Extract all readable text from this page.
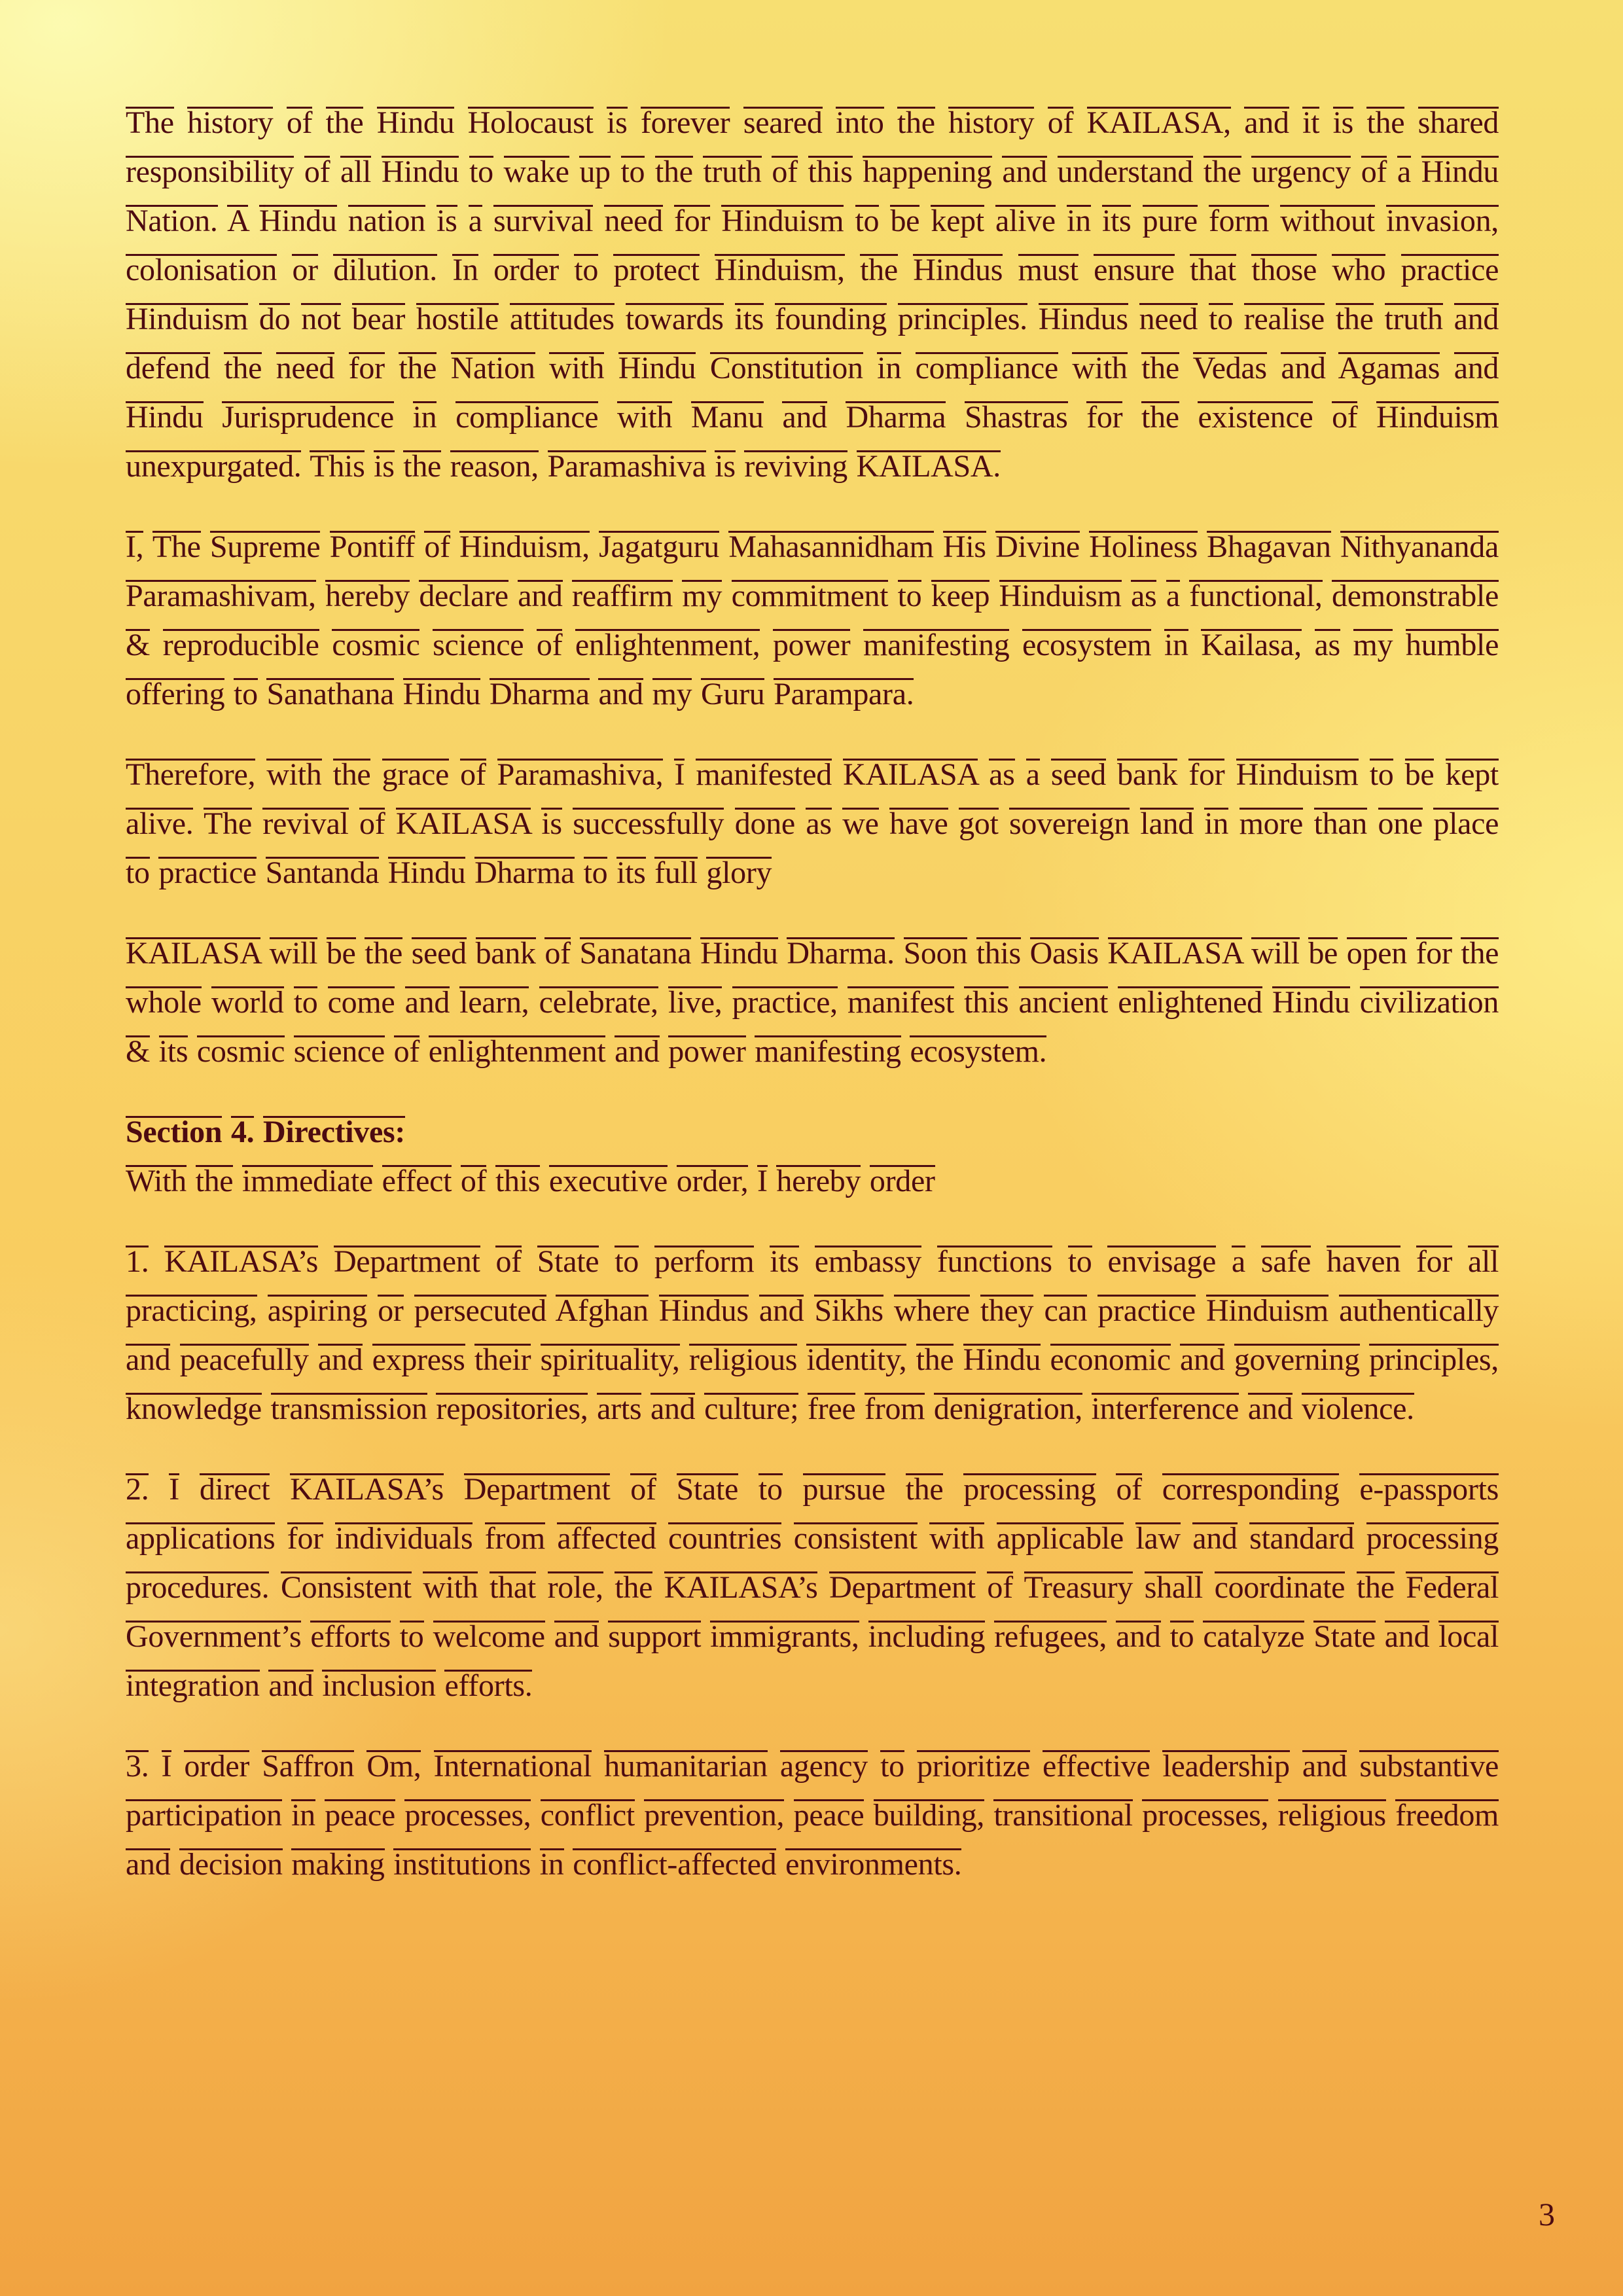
The history of the Hindu Holocaust is forever seared into the history of KAILASA, and it is the shared responsibility of all Hindu to wake up to the truth of this happening and understand the urgency of a Hindu Nation. A Hindu nation is a survival need for Hinduism to be kept alive in its pure form without invasion, colonisation or dilution. In order to protect Hinduism, the Hindus must ensure that those who practice Hinduism do not bear hostile attitudes towards its founding principles. Hindus need to realise the truth and defend the need for the Nation with Hindu Constitution in compliance with the Vedas and Agamas and Hindu Jurisprudence in compliance with Manu and Dharma Shastras for the existence of Hinduism unexpurgated. This is the reason, Paramashiva is reviving KAILASA.

I, The Supreme Pontiff of Hinduism, Jagatguru Mahasannidham His Divine Holiness Bhagavan Nithyananda Paramashivam, hereby declare and reaffirm my commitment to keep Hinduism as a functional, demonstrable & reproducible cosmic science of enlightenment, power manifesting ecosystem in Kailasa, as my humble offering to Sanathana Hindu Dharma and my Guru Parampara.

Therefore, with the grace of Paramashiva, I manifested KAILASA as a seed bank for Hinduism to be kept alive. The revival of KAILASA is successfully done as we have got sovereign land in more than one place to practice Santanda Hindu Dharma to its full glory

KAILASA will be the seed bank of Sanatana Hindu Dharma. Soon this Oasis KAILASA will be open for the whole world to come and learn, celebrate, live, practice, manifest this ancient enlightened Hindu civilization & its cosmic science of enlightenment and power manifesting ecosystem.

Section 4. Directives:

With the immediate effect of this executive order, I hereby order

1. KAILASA’s Department of State to perform its embassy functions to envisage a safe haven for all practicing, aspiring or persecuted Afghan Hindus and Sikhs where they can practice Hinduism authentically and peacefully and express their spirituality, religious identity, the Hindu economic and governing principles, knowledge transmission repositories, arts and culture; free from denigration, interference and violence.

2. I direct KAILASA’s Department of State to pursue the processing of corresponding e-passports applications for individuals from affected countries consistent with applicable law and standard processing procedures. Consistent with that role, the KAILASA’s Department of Treasury shall coordinate the Federal Government’s efforts to welcome and support immigrants, including refugees, and to catalyze State and local integration and inclusion efforts.

3. I order Saffron Om, International humanitarian agency to prioritize effective leadership and substantive participation in peace processes, conflict prevention, peace building, transitional processes, religious freedom and decision making institutions in conflict-affected environments.

3
